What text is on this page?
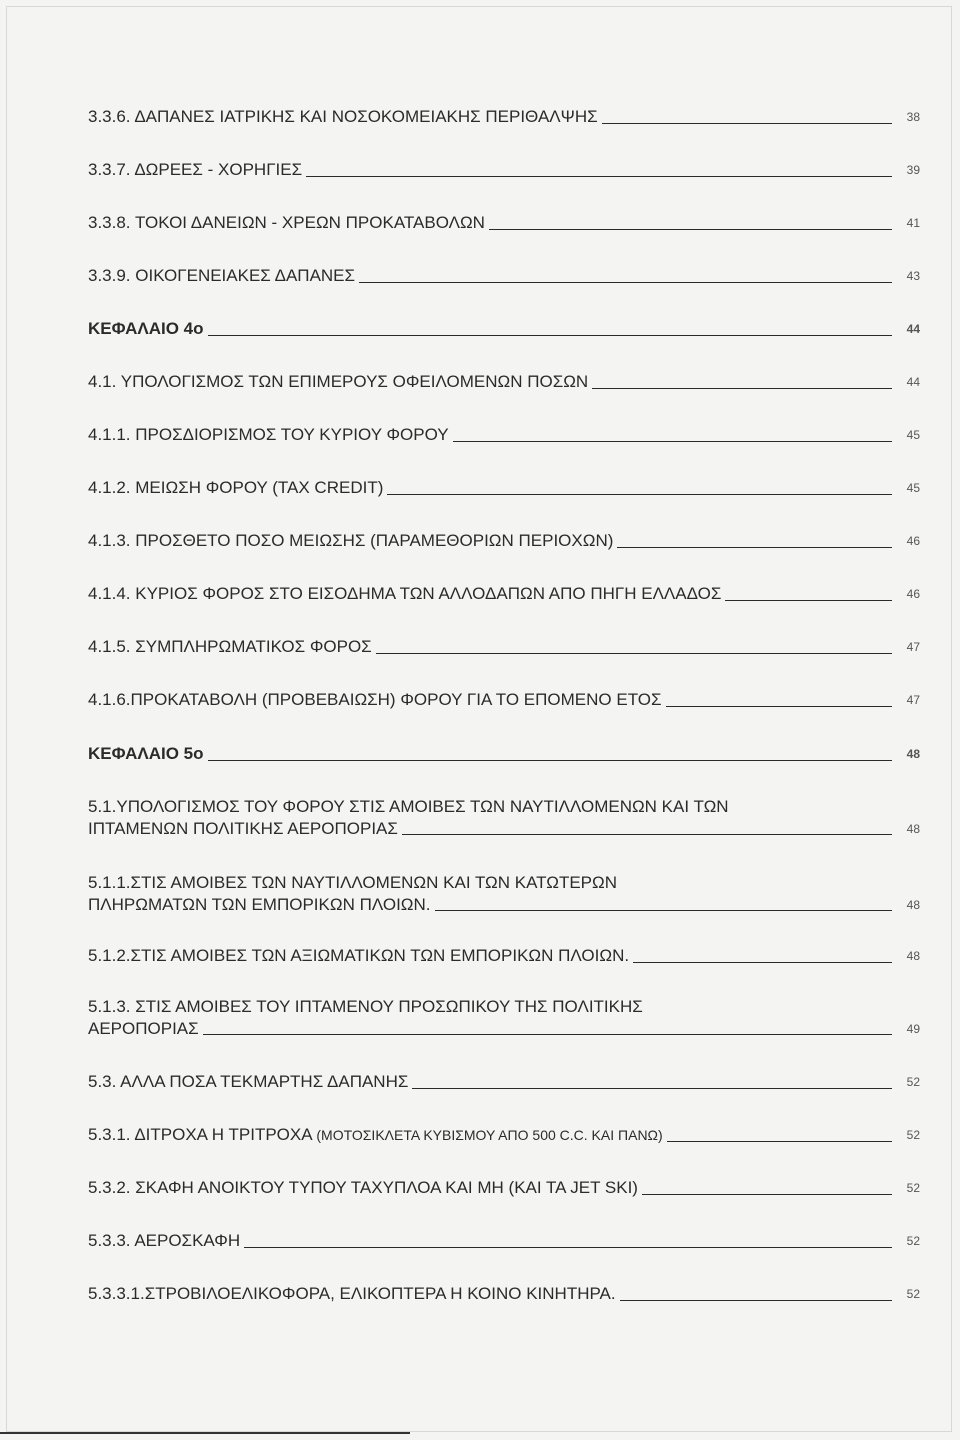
3.3.6. ΔΑΠΑΝΕΣ ΙΑΤΡΙΚΗΣ ΚΑΙ ΝΟΣΟΚΟΜΕΙΑΚΗΣ ΠΕΡΙΘΑΛΨΗΣ	38
3.3.7. ΔΩΡΕΕΣ - ΧΟΡΗΓΙΕΣ	39
3.3.8. ΤΟΚΟΙ ΔΑΝΕΙΩΝ - ΧΡΕΩΝ ΠΡΟΚΑΤΑΒΟΛΩΝ	41
3.3.9. ΟΙΚΟΓΕΝΕΙΑΚΕΣ ΔΑΠΑΝΕΣ	43
ΚΕΦΑΛΑΙΟ 4ο	44
4.1. ΥΠΟΛΟΓΙΣΜΟΣ ΤΩΝ ΕΠΙΜΕΡΟΥΣ ΟΦΕΙΛΟΜΕΝΩΝ ΠΟΣΩΝ	44
4.1.1. ΠΡΟΣΔΙΟΡΙΣΜΟΣ ΤΟΥ ΚΥΡΙΟΥ ΦΟΡΟΥ	45
4.1.2. ΜΕΙΩΣΗ ΦΟΡΟΥ (TAX CREDIT)	45
4.1.3. ΠΡΟΣΘΕΤΟ ΠΟΣΟ ΜΕΙΩΣΗΣ (ΠΑΡΑΜΕΘΟΡΙΩΝ ΠΕΡΙΟΧΩΝ)	46
4.1.4. ΚΥΡΙΟΣ ΦΟΡΟΣ ΣΤΟ ΕΙΣΟΔΗΜΑ ΤΩΝ ΑΛΛΟΔΑΠΩΝ ΑΠΟ ΠΗΓΗ ΕΛΛΑΔΟΣ	46
4.1.5. ΣΥΜΠΛΗΡΩΜΑΤΙΚΟΣ ΦΟΡΟΣ	47
4.1.6.ΠΡΟΚΑΤΑΒΟΛΗ (ΠΡΟΒΕΒΑΙΩΣΗ) ΦΟΡΟΥ ΓΙΑ ΤΟ ΕΠΟΜΕΝΟ ΕΤΟΣ	47
ΚΕΦΑΛΑΙΟ 5ο	48
5.1.ΥΠΟΛΟΓΙΣΜΟΣ ΤΟΥ ΦΟΡΟΥ ΣΤΙΣ ΑΜΟΙΒΕΣ ΤΩΝ ΝΑΥΤΙΛΛΟΜΕΝΩΝ ΚΑΙ ΤΩΝ
ΙΠΤΑΜΕΝΩΝ ΠΟΛΙΤΙΚΗΣ ΑΕΡΟΠΟΡΙΑΣ	48
5.1.1.ΣΤΙΣ ΑΜΟΙΒΕΣ ΤΩΝ ΝΑΥΤΙΛΛΟΜΕΝΩΝ ΚΑΙ ΤΩΝ ΚΑΤΩΤΕΡΩΝ
ΠΛΗΡΩΜΑΤΩΝ ΤΩΝ ΕΜΠΟΡΙΚΩΝ ΠΛΟΙΩΝ.	48
5.1.2.ΣΤΙΣ ΑΜΟΙΒΕΣ ΤΩΝ ΑΞΙΩΜΑΤΙΚΩΝ ΤΩΝ ΕΜΠΟΡΙΚΩΝ ΠΛΟΙΩΝ.	48
5.1.3. ΣΤΙΣ ΑΜΟΙΒΕΣ ΤΟΥ ΙΠΤΑΜΕΝΟΥ ΠΡΟΣΩΠΙΚΟΥ ΤΗΣ ΠΟΛΙΤΙΚΗΣ
ΑΕΡΟΠΟΡΙΑΣ	49
5.3. ΑΛΛΑ ΠΟΣΑ ΤΕΚΜΑΡΤΗΣ ΔΑΠΑΝΗΣ	52
5.3.1. ΔΙΤΡΟΧΑ Η ΤΡΙΤΡΟΧΑ (ΜΟΤΟΣΙΚΛΕΤΑ ΚΥΒΙΣΜΟΥ ΑΠΟ 500 C.C. ΚΑΙ ΠΑΝΩ)	52
5.3.2. ΣΚΑΦΗ ΑΝΟΙΚΤΟΥ ΤΥΠΟΥ ΤΑΧΥΠΛΟΑ ΚΑΙ ΜΗ (ΚΑΙ ΤΑ JET SKI)	52
5.3.3. ΑΕΡΟΣΚΑΦΗ	52
5.3.3.1.ΣΤΡΟΒΙΛΟΕΛΙΚΟΦΟΡΑ, ΕΛΙΚΟΠΤΕΡΑ Η ΚΟΙΝΟ ΚΙΝΗΤΗΡΑ.	52
